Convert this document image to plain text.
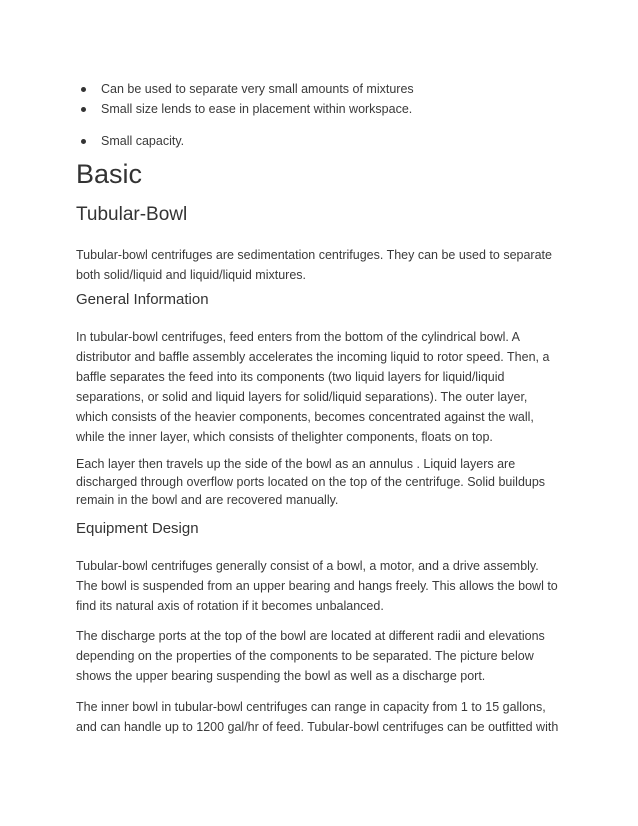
Can be used to separate very small amounts of mixtures
Small size lends to ease in placement within workspace.
Small capacity.
Basic
Tubular-Bowl

Tubular-bowl centrifuges are sedimentation centrifuges. They can be used to separate
both solid/liquid and liquid/liquid mixtures.

General Information

In tubular-bowl centrifuges, feed enters from the bottom of the cylindrical bowl. A
distributor and baffle assembly accelerates the incoming liquid to rotor speed. Then, a
baffle separates the feed into its components (two liquid layers for liquid/liquid
separations, or solid and liquid layers for solid/liquid separations). The outer layer,
which consists of the heavier components, becomes concentrated against the wall,
while the inner layer, which consists of thelighter components, floats on top.

Each layer then travels up the side of the bowl as an annulus . Liquid layers are
discharged through overflow ports located on the top of the centrifuge. Solid buildups
remain in the bowl and are recovered manually.

Equipment Design

Tubular-bowl centrifuges generally consist of a bowl, a motor, and a drive assembly.
The bowl is suspended from an upper bearing and hangs freely. This allows the bowl to
find its natural axis of rotation if it becomes unbalanced.

The discharge ports at the top of the bowl are located at different radii and elevations
depending on the properties of the components to be separated. The picture below
shows the upper bearing suspending the bowl as well as a discharge port.

The inner bowl in tubular-bowl centrifuges can range in capacity from 1 to 15 gallons,
and can handle up to 1200 gal/hr of feed. Tubular-bowl centrifuges can be outfitted with
